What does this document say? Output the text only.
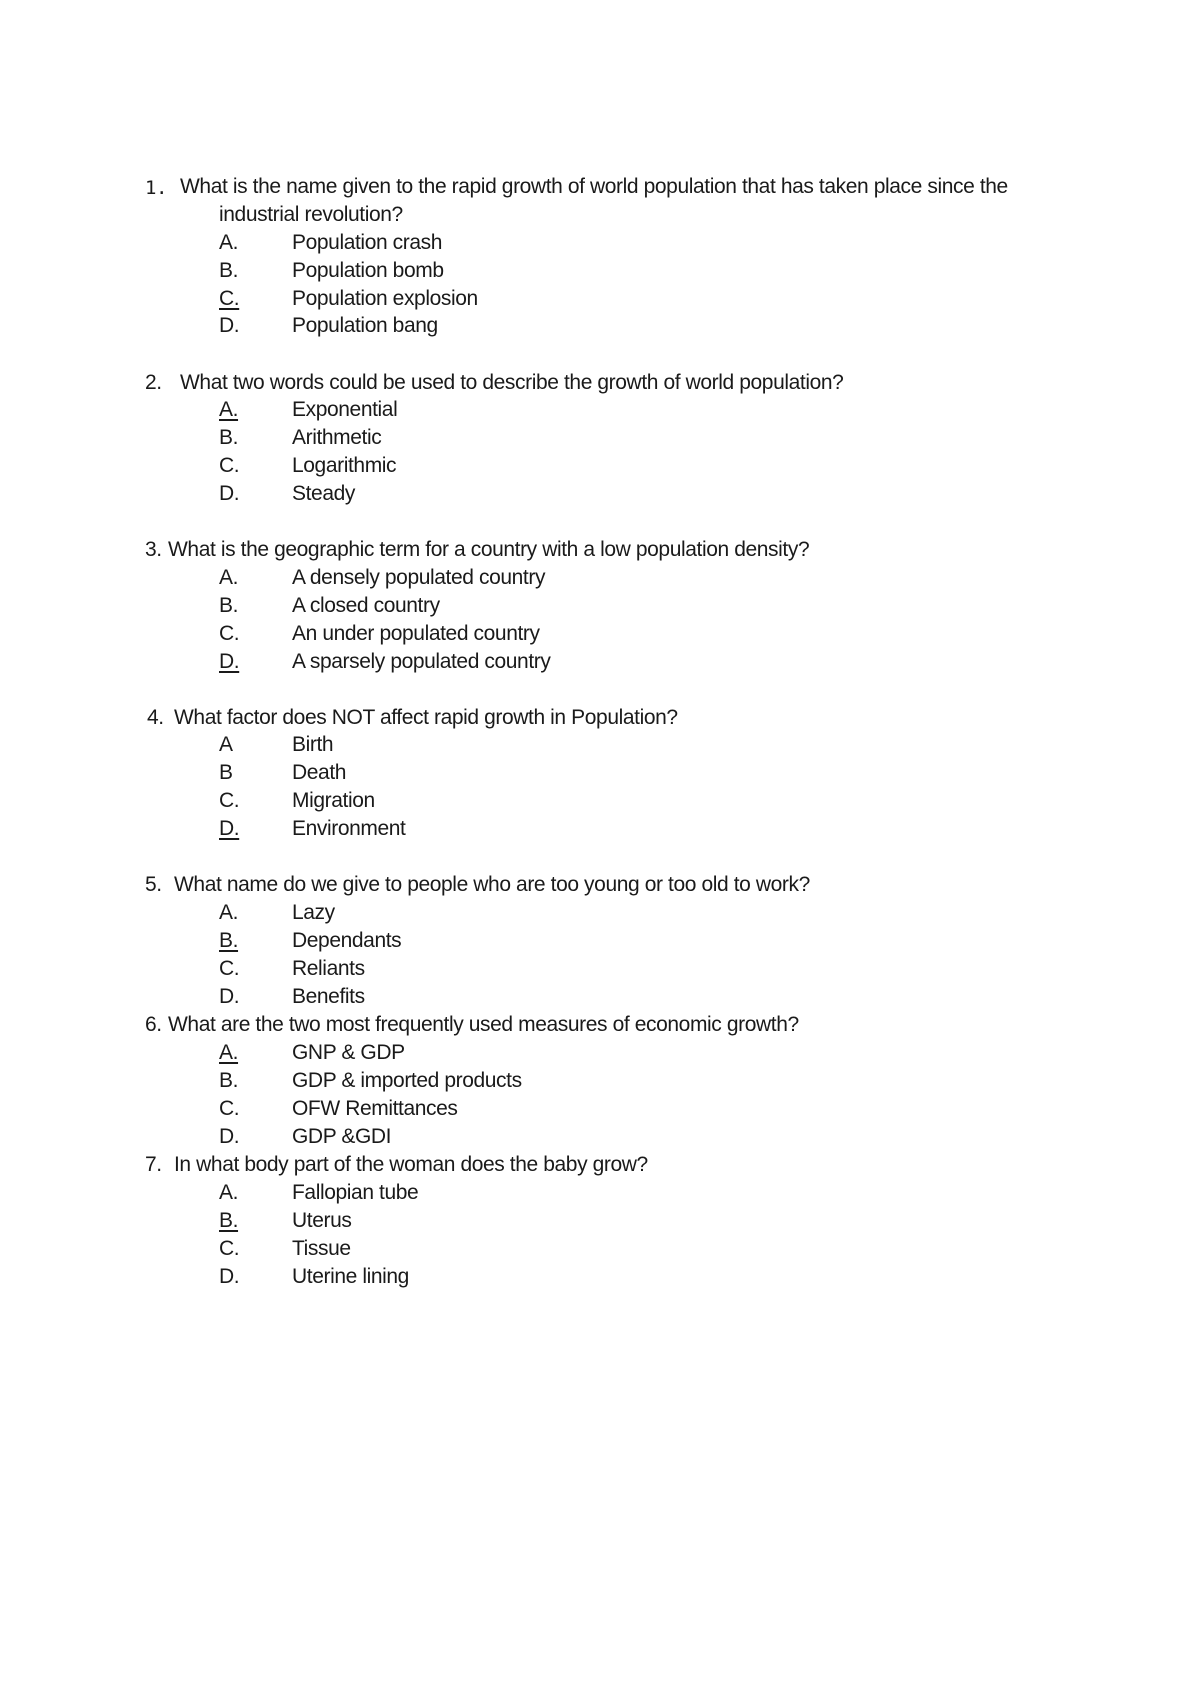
1. What is the name given to the rapid growth of world population that has taken place since the
industrial revolution?
A.	Population crash
B.	Population bomb
C.	Population explosion
D.	Population bang
2. What two words could be used to describe the growth of world population?
A.	Exponential
B.	Arithmetic
C.	Logarithmic
D.	Steady
3. What is the geographic term for a country with a low population density?
A.	A densely populated country
B.	A closed country
C.	An under populated country
D.	A sparsely populated country
4. What factor does NOT affect rapid growth in Population?
A	Birth
B	Death
C.	Migration
D.	Environment
5. What name do we give to people who are too young or too old to work?
A.	Lazy
B.	Dependants
C.	Reliants
D.	Benefits
6. What are the two most frequently used measures of economic growth?
A.	GNP & GDP
B.	GDP & imported products
C.	OFW Remittances
D.	GDP &GDI
7. In what body part of the woman does the baby grow?
A.	Fallopian tube
B.	Uterus
C.	Tissue
D.	Uterine lining
